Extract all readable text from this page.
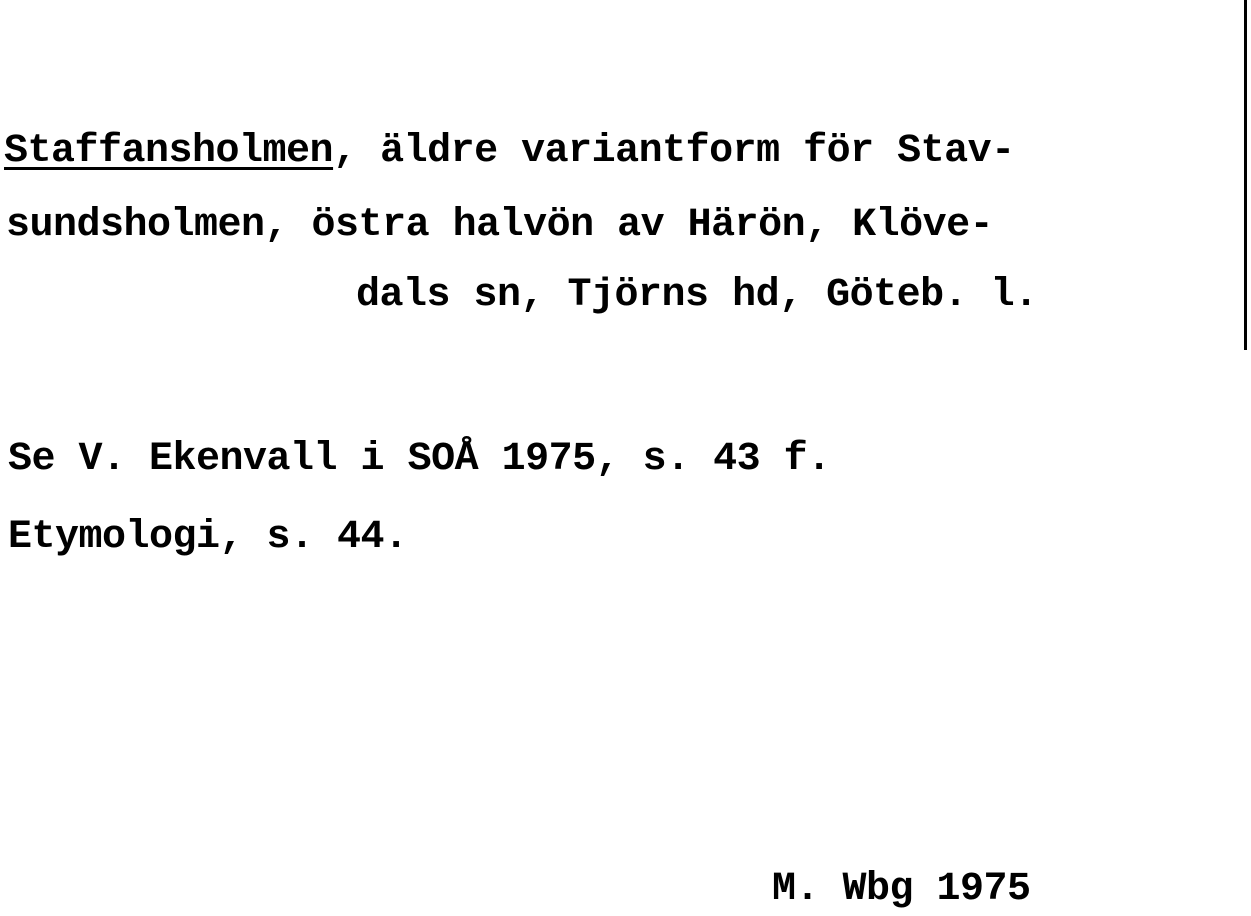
Staffansholmen, äldre variantform för Stav-
sundsholmen, östra halvön av Härön, Klöve-
dals sn, Tjörns hd, Göteb. l.
Se V. Ekenvall i SOÅ 1975, s. 43 f.
Etymologi, s. 44.
M. Wbg 1975
